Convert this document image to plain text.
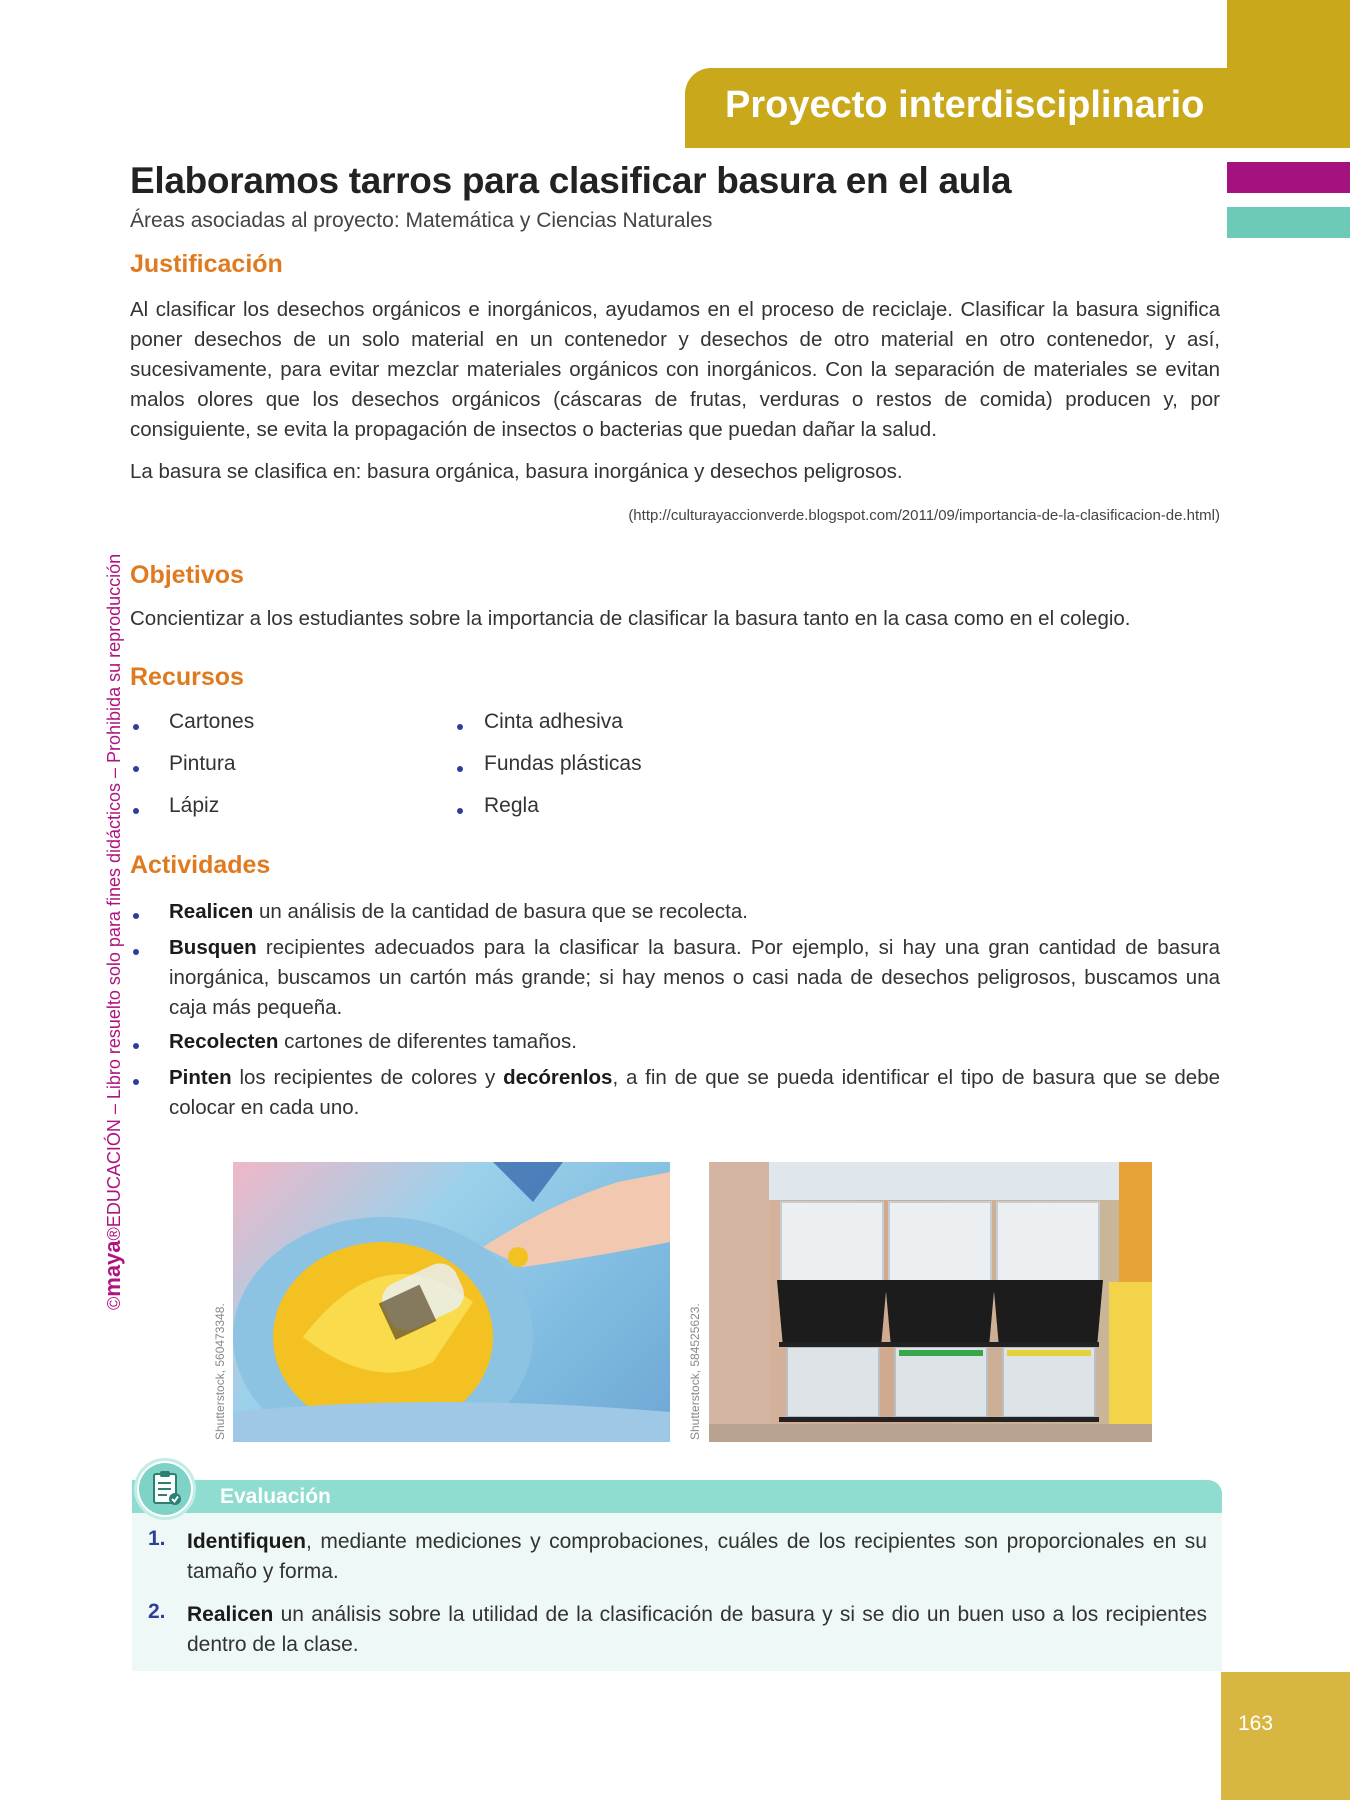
Proyecto interdisciplinario
©maya®EDUCACIÓN – Libro resuelto solo para fines didácticos – Prohibida su reproducción
Elaboramos tarros para clasificar basura en el aula
Áreas asociadas al proyecto: Matemática y Ciencias Naturales
Justificación

Al clasificar los desechos orgánicos e inorgánicos, ayudamos en el proceso de reciclaje. Clasificar la basura significa poner desechos de un solo material en un contenedor y desechos de otro material en otro contenedor, y así, sucesivamente, para evitar mezclar materiales orgánicos con inorgánicos. Con la separación de materiales se evitan malos olores que los desechos orgánicos (cáscaras de frutas, verduras o restos de comida) producen y, por consiguiente, se evita la propagación de insectos o bacterias que puedan dañar la salud.

La basura se clasifica en: basura orgánica, basura inorgánica y desechos peligrosos.

(http://culturayaccionverde.blogspot.com/2011/09/importancia-de-la-clasificacion-de.html)
Objetivos

Concientizar a los estudiantes sobre la importancia de clasificar la basura tanto en la casa como en el colegio.

Recursos
Cartones
Pintura
Lápiz
Cinta adhesiva
Fundas plásticas
Regla
Actividades
Realicen un análisis de la cantidad de basura que se recolecta.
Busquen recipientes adecuados para la clasificar la basura. Por ejemplo, si hay una gran cantidad de basura inorgánica, buscamos un cartón más grande; si hay menos o casi nada de desechos peligrosos, buscamos una caja más pequeña.
Recolecten cartones de diferentes tamaños.
Pinten los recipientes de colores y decórenlos, a fin de que se pueda identificar el tipo de basura que se debe colocar en cada uno.
Shutterstock, 560473348.	Shutterstock, 584525623.
Evaluación
1. Identifiquen, mediante mediciones y comprobaciones, cuáles de los recipientes son proporcionales en su tamaño y forma.
2. Realicen un análisis sobre la utilidad de la clasificación de basura y si se dio un buen uso a los recipientes dentro de la clase.
163
